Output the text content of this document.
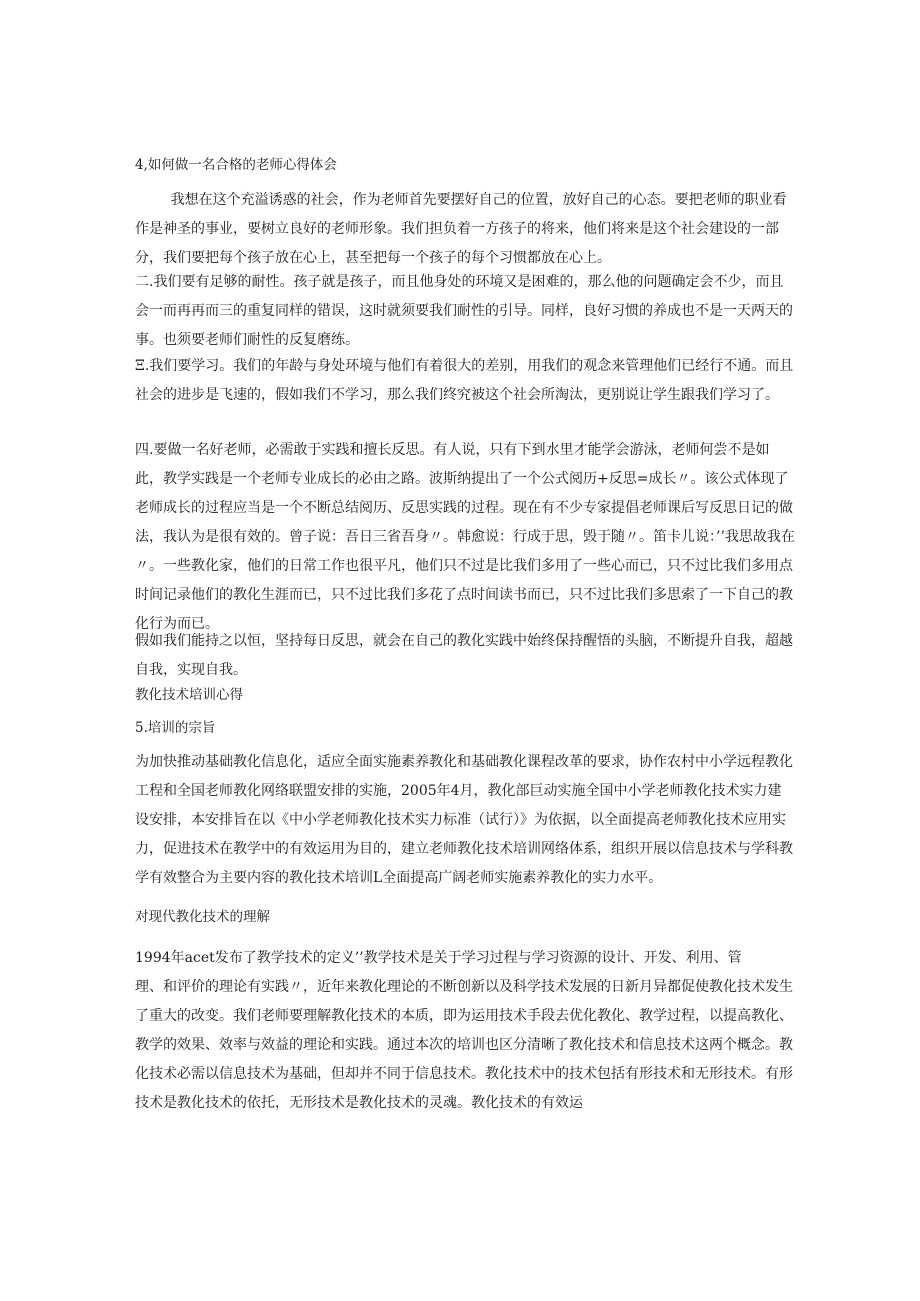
4,如何做一名合格的老师心得体会

我想在这个充溢诱惑的社会，作为老师首先要摆好自己的位置，放好自己的心态。要把老师的职业看作是神圣的事业，要树立良好的老师形象。我们担负着一方孩子的将来，他们将来是这个社会建设的一部分，我们要把每个孩子放在心上，甚至把每一个孩子的每个习惯都放在心上。

二.我们要有足够的耐性。孩子就是孩子，而且他身处的环境又是困难的，那么他的问题确定会不少，而且会一而再再而三的重复同样的错误，这时就须要我们耐性的引导。同样，良好习惯的养成也不是一天两天的事。也须要老师们耐性的反复磨练。

Ξ.我们要学习。我们的年龄与身处环境与他们有着很大的差别，用我们的观念来管理他们已经行不通。而且社会的进步是飞速的，假如我们不学习，那么我们终究被这个社会所淘汰，更别说让学生跟我们学习了。

四.要做一名好老师，必需敢于实践和擅长反思。有人说，只有下到水里才能学会游泳，老师何尝不是如此，教学实践是一个老师专业成长的必由之路。波斯纳提出了一个公式阅历+反思=成长〃。该公式体现了老师成长的过程应当是一个不断总结阅历、反思实践的过程。现在有不少专家提倡老师课后写反思日记的做法，我认为是很有效的。曾子说：吾日三省吾身〃。韩愈说：行成于思，毁于随〃。笛卡儿说：’’我思故我在〃。一些教化家，他们的日常工作也很平凡，他们只不过是比我们多用了一些心而已，只不过比我们多用点时间记录他们的教化生涯而已，只不过比我们多花了点时间读书而已，只不过比我们多思索了一下自己的教化行为而已。

假如我们能持之以恒，坚持每日反思，就会在自己的教化实践中始终保持醒悟的头脑，不断提升自我，超越自我，实现自我。

教化技术培训心得

5.培训的宗旨

为加快推动基础教化信息化，适应全面实施素养教化和基础教化课程改革的要求，协作农村中小学远程教化工程和全国老师教化网络联盟安排的实施，2005年4月，教化部巨动实施全国中小学老师教化技术实力建设安排，本安排旨在以《中小学老师教化技术实力标准（试行）》为依据，以全面提高老师教化技术应用实力，促进技术在教学中的有效运用为目的，建立老师教化技术培训网络体系，组织开展以信息技术与学科教学有效整合为主要内容的教化技术培训L全面提高广阔老师实施素养教化的实力水平。

对现代教化技术的理解

1994年acet发布了教学技术的定义’’教学技术是关于学习过程与学习资源的设计、开发、利用、管
理、和评价的理论有实践〃，近年来教化理论的不断创新以及科学技术发展的日新月异都促使教化技术发生了重大的改变。我们老师要理解教化技术的本质，即为运用技术手段去优化教化、教学过程，以提高教化、教学的效果、效率与效益的理论和实践。通过本次的培训也区分清晰了教化技术和信息技术这两个概念。教化技术必需以信息技术为基础，但却并不同于信息技术。教化技术中的技术包括有形技术和无形技术。有形技术是教化技术的依托，无形技术是教化技术的灵魂。教化技术的有效运
